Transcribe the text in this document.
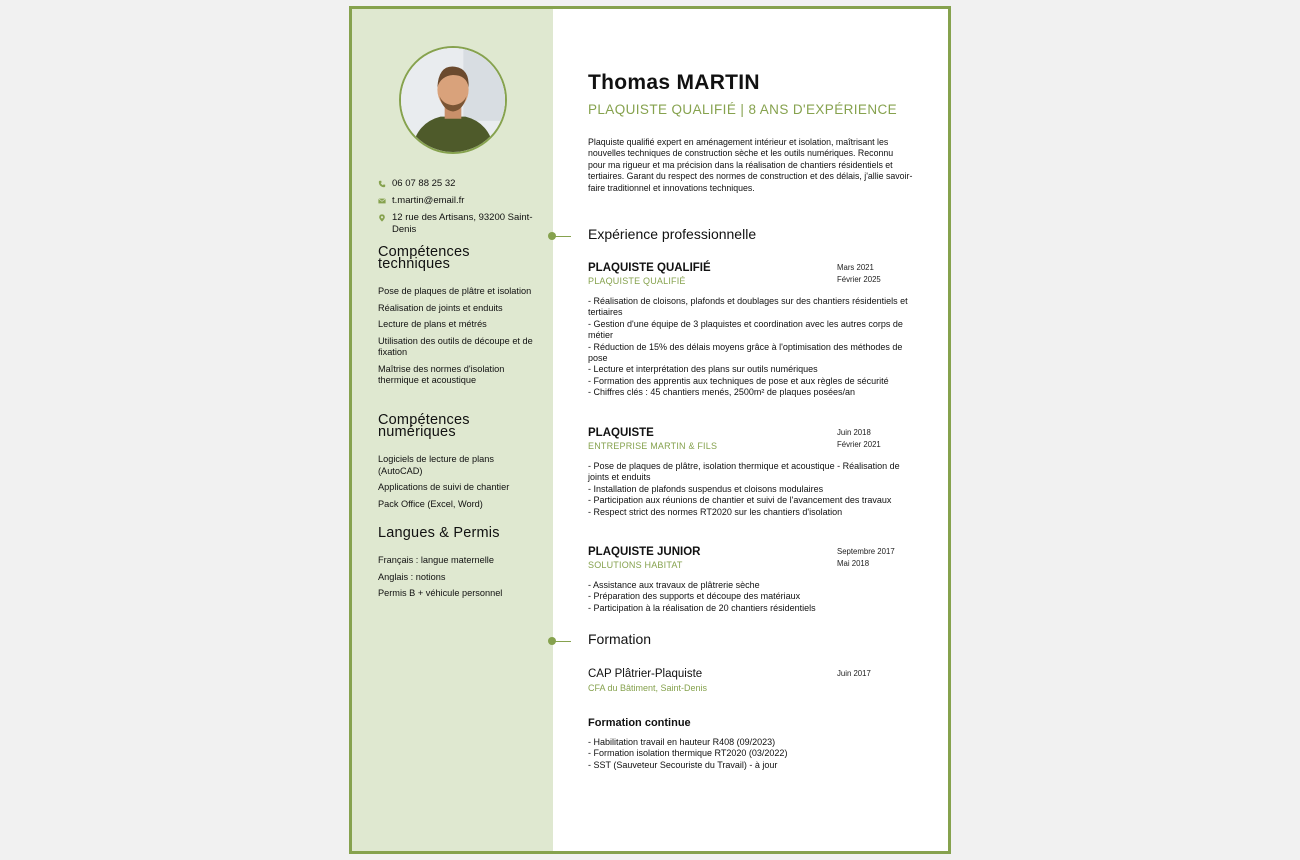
06 07 88 25 32
t.martin@email.fr
12 rue des Artisans, 93200 Saint-Denis
Compétences techniques
Pose de plaques de plâtre et isolation
Réalisation de joints et enduits
Lecture de plans et métrés
Utilisation des outils de découpe et de fixation
Maîtrise des normes d'isolation thermique et acoustique
Compétences numériques
Logiciels de lecture de plans (AutoCAD)
Applications de suivi de chantier
Pack Office (Excel, Word)
Langues & Permis
Français : langue maternelle
Anglais : notions
Permis B + véhicule personnel
Thomas MARTIN
PLAQUISTE QUALIFIÉ | 8 ANS D'EXPÉRIENCE
Plaquiste qualifié expert en aménagement intérieur et isolation, maîtrisant les nouvelles techniques de construction sèche et les outils numériques. Reconnu pour ma rigueur et ma précision dans la réalisation de chantiers résidentiels et tertiaires. Garant du respect des normes de construction et des délais, j'allie savoir-faire traditionnel et innovations techniques.
Expérience professionnelle
PLAQUISTE QUALIFIÉ
PLAQUISTE QUALIFIÉ
Mars 2021
Février 2025
- Réalisation de cloisons, plafonds et doublages sur des chantiers résidentiels et tertiaires
- Gestion d'une équipe de 3 plaquistes et coordination avec les autres corps de métier
- Réduction de 15% des délais moyens grâce à l'optimisation des méthodes de pose
- Lecture et interprétation des plans sur outils numériques
- Formation des apprentis aux techniques de pose et aux règles de sécurité
- Chiffres clés : 45 chantiers menés, 2500m² de plaques posées/an
PLAQUISTE
ENTREPRISE MARTIN & FILS
Juin 2018
Février 2021
- Pose de plaques de plâtre, isolation thermique et acoustique - Réalisation de joints et enduits
- Installation de plafonds suspendus et cloisons modulaires
- Participation aux réunions de chantier et suivi de l'avancement des travaux
- Respect strict des normes RT2020 sur les chantiers d'isolation
PLAQUISTE JUNIOR
SOLUTIONS HABITAT
Septembre 2017
Mai 2018
- Assistance aux travaux de plâtrerie sèche
- Préparation des supports et découpe des matériaux
- Participation à la réalisation de 20 chantiers résidentiels
Formation
CAP Plâtrier-Plaquiste
CFA du Bâtiment, Saint-Denis
Juin 2017
Formation continue
- Habilitation travail en hauteur R408 (09/2023)
- Formation isolation thermique RT2020 (03/2022)
- SST (Sauveteur Secouriste du Travail) - à jour
